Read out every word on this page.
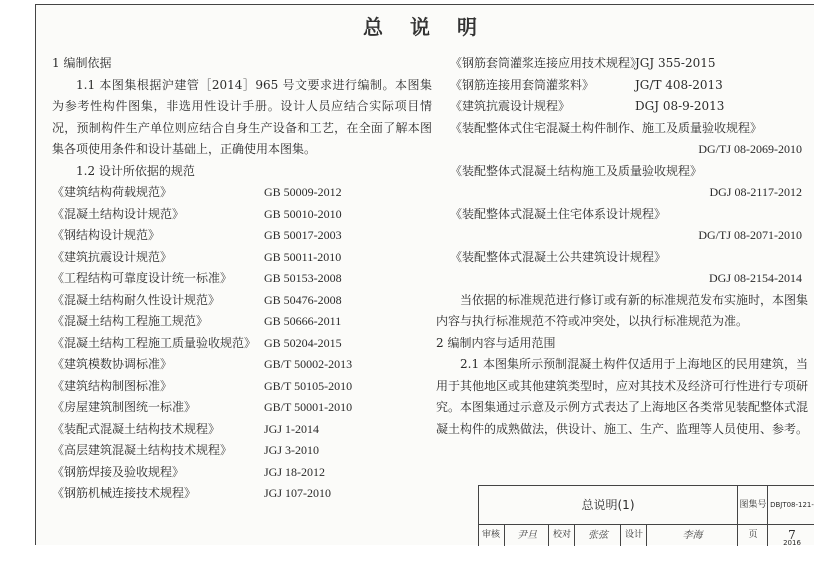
总 说 明

1 编制依据

1.1 本图集根据沪建管［2014］965 号文要求进行编制。本图集为参考性构件图集，非选用性设计手册。设计人员应结合实际项目情况，预制构件生产单位则应结合自身生产设备和工艺，在全面了解本图集各项使用条件和设计基础上，正确使用本图集。

1.2 设计所依据的规范

《建筑结构荷载规范》	GB 50009-2012
《混凝土结构设计规范》	GB 50010-2010
《钢结构设计规范》	GB 50017-2003
《建筑抗震设计规范》	GB 50011-2010
《工程结构可靠度设计统一标准》	GB 50153-2008
《混凝土结构耐久性设计规范》	GB 50476-2008
《混凝土结构工程施工规范》	GB 50666-2011
《混凝土结构工程施工质量验收规范》 GB 50204-2015
《建筑模数协调标准》	GB/T 50002-2013
《建筑结构制图标准》	GB/T 50105-2010
《房屋建筑制图统一标准》	GB/T 50001-2010
《装配式混凝土结构技术规程》	JGJ 1-2014
《高层建筑混凝土结构技术规程》	JGJ 3-2010
《钢筋焊接及验收规程》	JGJ 18-2012
《钢筋机械连接技术规程》	JGJ 107-2010
《钢筋套筒灌浆连接应用技术规程》JGJ 355-2015
《钢筋连接用套筒灌浆料》	JG/T 408-2013
《建筑抗震设计规程》	DGJ 08-9-2013
《装配整体式住宅混凝土构件制作、施工及质量验收规程》
DG/TJ 08-2069-2010
《装配整体式混凝土结构施工及质量验收规程》
DGJ 08-2117-2012
《装配整体式混凝土住宅体系设计规程》
DG/TJ 08-2071-2010
《装配整体式混凝土公共建筑设计规程》
DGJ 08-2154-2014

当依据的标准规范进行修订或有新的标准规范发布实施时，本图集内容与执行标准规范不符或冲突处，以执行标准规范为准。

2 编制内容与适用范围

2.1 本图集所示预制混凝土构件仅适用于上海地区的民用建筑，当用于其他地区或其他建筑类型时，应对其技术及经济可行性进行专项研究。本图集通过示意及示例方式表达了上海地区各类常见装配整体式混凝土构件的成熟做法，供设计、施工、生产、监理等人员使用、参考。

总说明(1)	图集号 DBJT08-121-2016
审核	尹旦	校对	张弦	设计	李海	页	7
